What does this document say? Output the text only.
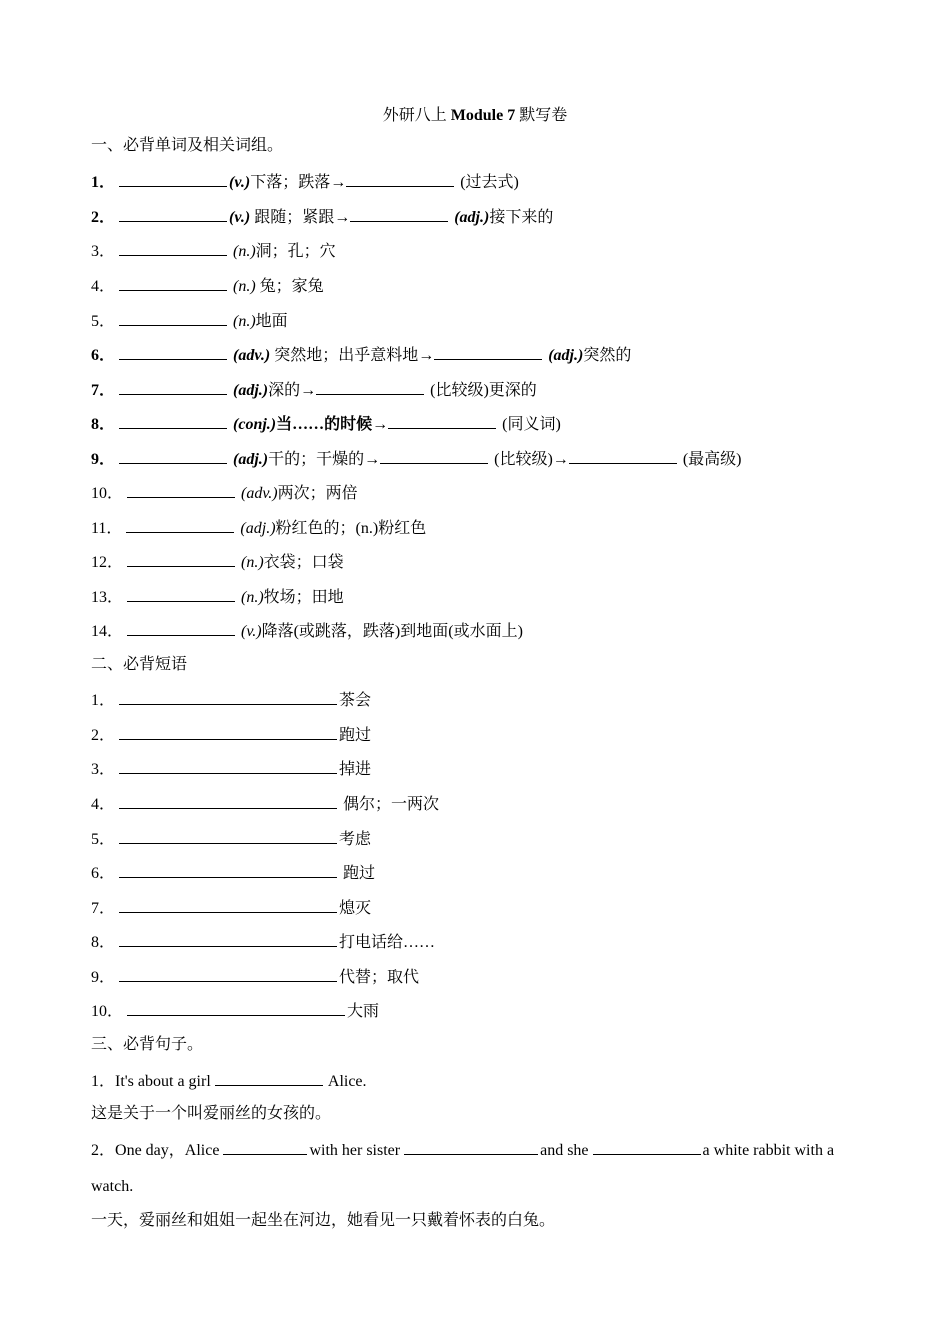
外研八上 Module 7 默写卷
一、必背单词及相关词组。
1．	(v.)下落；跌落→	(过去式)
2．	(v.) 跟随；紧跟→	(adj.)接下来的
3．	(n.)洞；孔；穴
4．	(n.) 兔；家兔
5．	(n.)地面
6．	(adv.) 突然地；出乎意料地→	(adj.)突然的
7．	(adj.)深的→	(比较级)更深的
8．	(conj.)当……的时候→	(同义词)
9．	(adj.)干的；干燥的→	(比较级)→	(最高级)
10．	(adv.)两次；两倍
11．	(adj.)粉红色的；(n.)粉红色
12．	(n.)衣袋；口袋
13．	(n.)牧场；田地
14．	(v.)降落(或跳落，跌落)到地面(或水面上)
二、必背短语
1．	茶会
2．	跑过
3．	掉进
4．	偶尔；一两次
5．	考虑
6．	跑过
7．	熄灭
8．	打电话给……
9．	代替；取代
10．	大雨
三、必背句子。
1．It's about a girl	Alice.
这是关于一个叫爱丽丝的女孩的。
2．One day，Alice	with her sister	and she	a white rabbit with a
watch.
一天，爱丽丝和姐姐一起坐在河边，她看见一只戴着怀表的白兔。
